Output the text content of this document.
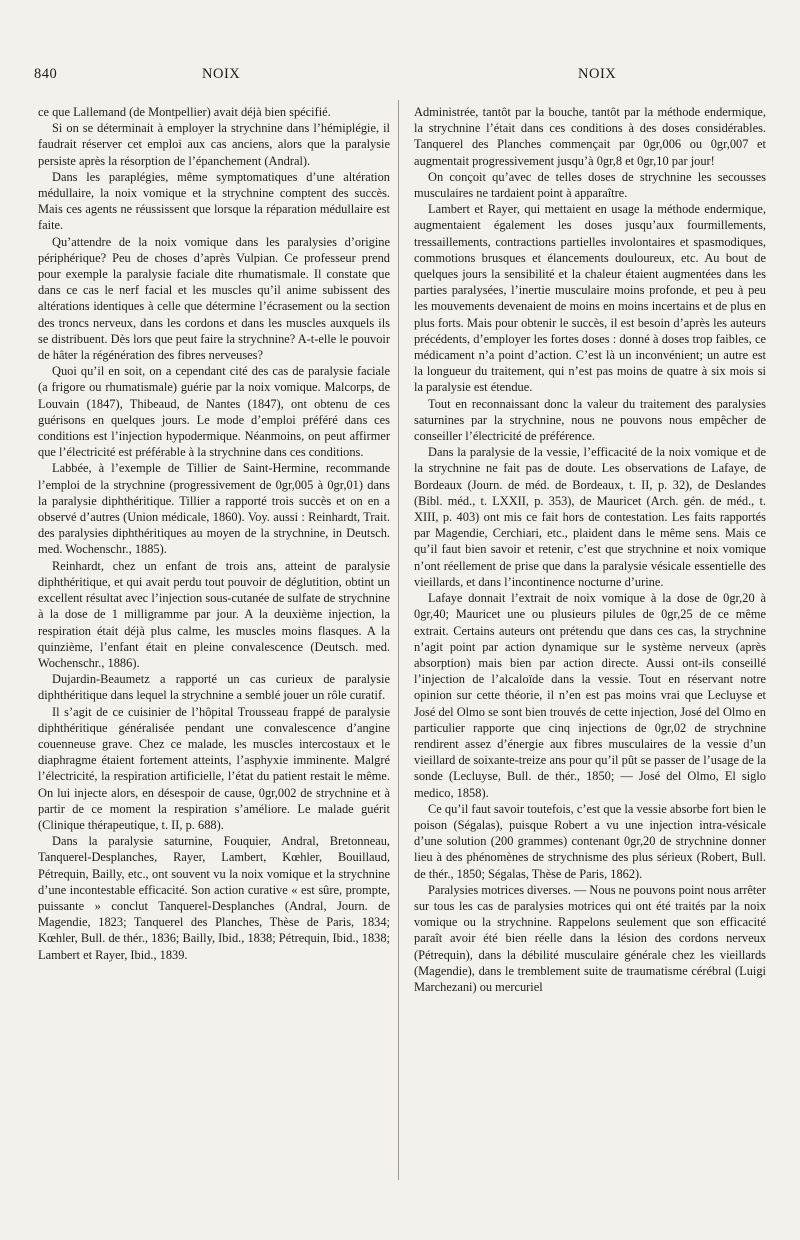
840	NOIX	NOIX

ce que Lallemand (de Montpellier) avait déjà bien spécifié.

Si on se déterminait à employer la strychnine dans l’hémiplégie, il faudrait réserver cet emploi aux cas anciens, alors que la paralysie persiste après la résorption de l’épanchement (Andral).

Dans les paraplégies, même symptomatiques d’une altération médullaire, la noix vomique et la strychnine comptent des succès. Mais ces agents ne réussissent que lorsque la réparation médullaire est faite.

Qu’attendre de la noix vomique dans les paralysies d’origine périphérique? Peu de choses d’après Vulpian. Ce professeur prend pour exemple la paralysie faciale dite rhumatismale. Il constate que dans ce cas le nerf facial et les muscles qu’il anime subissent des altérations identiques à celle que détermine l’écrasement ou la section des troncs nerveux, dans les cordons et dans les muscles auxquels ils se distribuent. Dès lors que peut faire la strychnine? A-t-elle le pouvoir de hâter la régénération des fibres nerveuses?

Quoi qu’il en soit, on a cependant cité des cas de paralysie faciale (a frigore ou rhumatismale) guérie par la noix vomique. Malcorps, de Louvain (1847), Thibeaud, de Nantes (1847), ont obtenu de ces guérisons en quelques jours. Le mode d’emploi préféré dans ces conditions est l’injection hypodermique. Néanmoins, on peut affirmer que l’électricité est préférable à la strychnine dans ces conditions.

Labbée, à l’exemple de Tillier de Saint-Hermine, recommande l’emploi de la strychnine (progressivement de 0gr,005 à 0gr,01) dans la paralysie diphthéritique. Tillier a rapporté trois succès et on en a observé d’autres (Union médicale, 1860). Voy. aussi : Reinhardt, Trait. des paralysies diphthéritiques au moyen de la strychnine, in Deutsch. med. Wochenschr., 1885).

Reinhardt, chez un enfant de trois ans, atteint de paralysie diphthéritique, et qui avait perdu tout pouvoir de déglutition, obtint un excellent résultat avec l’injection sous-cutanée de sulfate de strychnine à la dose de 1 milligramme par jour. A la deuxième injection, la respiration était déjà plus calme, les muscles moins flasques. A la quinzième, l’enfant était en pleine convalescence (Deutsch. med. Wochenschr., 1886).

Dujardin-Beaumetz a rapporté un cas curieux de paralysie diphthéritique dans lequel la strychnine a semblé jouer un rôle curatif.

Il s’agit de ce cuisinier de l’hôpital Trousseau frappé de paralysie diphthéritique généralisée pendant une convalescence d’angine couenneuse grave. Chez ce malade, les muscles intercostaux et le diaphragme étaient fortement atteints, l’asphyxie imminente. Malgré l’électricité, la respiration artificielle, l’état du patient restait le même. On lui injecte alors, en désespoir de cause, 0gr,002 de strychnine et à partir de ce moment la respiration s’améliore. Le malade guérit (Clinique thérapeutique, t. II, p. 688).

Dans la paralysie saturnine, Fouquier, Andral, Bretonneau, Tanquerel-Desplanches, Rayer, Lambert, Kœhler, Bouillaud, Pétrequin, Bailly, etc., ont souvent vu la noix vomique et la strychnine d’une incontestable efficacité. Son action curative « est sûre, prompte, puissante » conclut Tanquerel-Desplanches (Andral, Journ. de Magendie, 1823; Tanquerel des Planches, Thèse de Paris, 1834; Kœhler, Bull. de thér., 1836; Bailly, Ibid., 1838; Pétrequin, Ibid., 1838; Lambert et Rayer, Ibid., 1839.

Administrée, tantôt par la bouche, tantôt par la méthode endermique, la strychnine l’était dans ces conditions à des doses considérables. Tanquerel des Planches commençait par 0gr,006 ou 0gr,007 et augmentait progressivement jusqu’à 0gr,8 et 0gr,10 par jour!

On conçoit qu’avec de telles doses de strychnine les secousses musculaires ne tardaient point à apparaître.

Lambert et Rayer, qui mettaient en usage la méthode endermique, augmentaient également les doses jusqu’aux fourmillements, tressaillements, contractions partielles involontaires et spasmodiques, commotions brusques et élancements douloureux, etc. Au bout de quelques jours la sensibilité et la chaleur étaient augmentées dans les parties paralysées, l’inertie musculaire moins profonde, et peu à peu les mouvements devenaient de moins en moins incertains et de plus en plus forts. Mais pour obtenir le succès, il est besoin d’après les auteurs précédents, d’employer les fortes doses : donné à doses trop faibles, ce médicament n’a point d’action. C’est là un inconvénient; un autre est la longueur du traitement, qui n’est pas moins de quatre à six mois si la paralysie est étendue.

Tout en reconnaissant donc la valeur du traitement des paralysies saturnines par la strychnine, nous ne pouvons nous empêcher de conseiller l’électricité de préférence.

Dans la paralysie de la vessie, l’efficacité de la noix vomique et de la strychnine ne fait pas de doute. Les observations de Lafaye, de Bordeaux (Journ. de méd. de Bordeaux, t. II, p. 32), de Deslandes (Bibl. méd., t. LXXII, p. 353), de Mauricet (Arch. gén. de méd., t. XIII, p. 403) ont mis ce fait hors de contestation. Les faits rapportés par Magendie, Cerchiari, etc., plaident dans le même sens. Mais ce qu’il faut bien savoir et retenir, c’est que strychnine et noix vomique n’ont réellement de prise que dans la paralysie vésicale essentielle des vieillards, et dans l’incontinence nocturne d’urine.

Lafaye donnait l’extrait de noix vomique à la dose de 0gr,20 à 0gr,40; Mauricet une ou plusieurs pilules de 0gr,25 de ce même extrait. Certains auteurs ont prétendu que dans ces cas, la strychnine n’agit point par action dynamique sur le système nerveux (après absorption) mais bien par action directe. Aussi ont-ils conseillé l’injection de l’alcaloïde dans la vessie. Tout en réservant notre opinion sur cette théorie, il n’en est pas moins vrai que Lecluyse et José del Olmo se sont bien trouvés de cette injection, José del Olmo en particulier rapporte que cinq injections de 0gr,02 de strychnine rendirent assez d’énergie aux fibres musculaires de la vessie d’un vieillard de soixante-treize ans pour qu’il pût se passer de l’usage de la sonde (Lecluyse, Bull. de thér., 1850; — José del Olmo, El siglo medico, 1858).

Ce qu’il faut savoir toutefois, c’est que la vessie absorbe fort bien le poison (Ségalas), puisque Robert a vu une injection intra-vésicale d’une solution (200 grammes) contenant 0gr,20 de strychnine donner lieu à des phénomènes de strychnisme des plus sérieux (Robert, Bull. de thér., 1850; Ségalas, Thèse de Paris, 1862).

Paralysies motrices diverses. — Nous ne pouvons point nous arrêter sur tous les cas de paralysies motrices qui ont été traités par la noix vomique ou la strychnine. Rappelons seulement que son efficacité paraît avoir été bien réelle dans la lésion des cordons nerveux (Pétrequin), dans la débilité musculaire générale chez les vieillards (Magendie), dans le tremblement suite de traumatisme cérébral (Luigi Marchezani) ou mercuriel
